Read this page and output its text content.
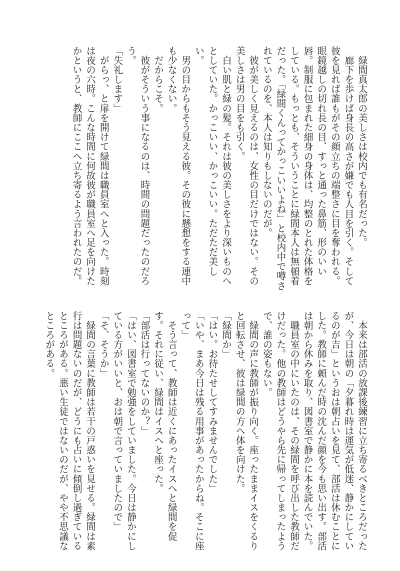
　緑間真太郎の美しさは校内でも有名だった。
　廊下を歩けば身長の高さが嫌でも人目を引く。そして彼を見れば誰もがその顔立ちの端整さに目を奪われる。眼鏡越しの切れ長の目、すっと通った鼻筋、形のいい唇。制服に包まれた細身の身体は、均整のとれた体格をしている。もっとも、そういうことに緑間本人は無頓着だった。「緑間くんってかっこいいよね」と校内中で噂されているのを、本人は知りもしないのだが。
　彼が美しく見えるのは、女性の目だけではない。その美しさは男の目をも引く。
　白い肌と緑の髪。それは彼の美しさをより深いものへとしていた。かっこいい、かっこいい。ただただ美しい。
　男の目からもそう見える彼。その彼に懸想をする連中も少なくない。
　だからこそ。
　彼がそういう事になるのは、時間の問題だったのだろう。
「失礼します」
　がらっ、と扉を開けて緑間は職員室へと入った。時刻は夜の六時。こんな時間に何故彼が職員室へ足を向けたかというと、教師にここへ立ち寄るよう言われたのだ。
　本来は部活の放課後練習に立ち寄るべきところだったが、今日は朝の「夕暮れ時は運気が低迷、静かにしているのが吉」というおは朝占いを見て、部活は休むことにした。教師に頼んだ時の沈んだ顔を今も思い出す。部活は朝から休みを取り、図書室で静かに本を読んでいた。
　職員室の中にいたのは、その緑間を呼び出した教師だけだった。他の教師はどうやら先に帰ってしまったようで、誰の姿もない。
　緑間の声に教師が振り向く。座ったままイスをくるりと回転させ、彼は緑間の方へ体を向けた。
「緑間か」
「はい。お待たせしてすみませんでした」
「いや、まあ今日は残る用事があったからね。そこに座って」
　そう言って、教師は近くにあったイスへと緑間を促す。それに従い、緑間はイスへと座った。
「部活は行ってないのか？」
「はい、図書室で勉強をしていました。今日は静かにしている方がいいと、おは朝で言っていましたので」
「そ、そうか」
　緑間の言葉に教師は若干の戸惑いを見せる。緑間は素行は問題ないのだが、どうにも占いに傾倒し過ぎているところがある。悪い生徒ではないのだが、やや不思議なところがある。
